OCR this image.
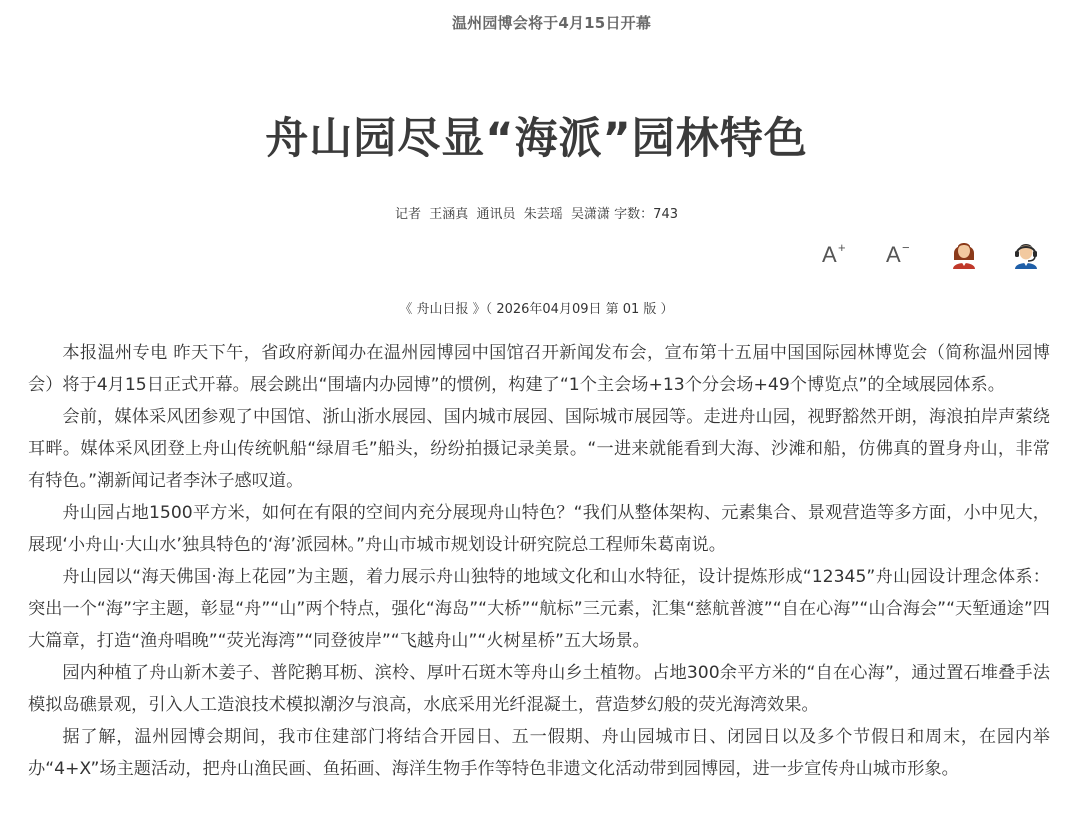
温州园博会将于4月15日开幕
舟山园尽显“海派”园林特色
记者  王涵真  通讯员  朱芸瑶  吴潇潇 字数：743
A + A −
《 舟山日报 》（ 2026年04月09日 第 01 版 ）

本报温州专电 昨天下午，省政府新闻办在温州园博园中国馆召开新闻发布会，宣布第十五届中国国际园林博览会（简称温州园博会）将于4月15日正式开幕。展会跳出“围墙内办园博”的惯例，构建了“1个主会场+13个分会场+49个博览点”的全域展园体系。

会前，媒体采风团参观了中国馆、浙山浙水展园、国内城市展园、国际城市展园等。走进舟山园，视野豁然开朗，海浪拍岸声萦绕耳畔。媒体采风团登上舟山传统帆船“绿眉毛”船头，纷纷拍摄记录美景。“一进来就能看到大海、沙滩和船，仿佛真的置身舟山，非常有特色。”潮新闻记者李沐子感叹道。

舟山园占地1500平方米，如何在有限的空间内充分展现舟山特色？“我们从整体架构、元素集合、景观营造等多方面，小中见大，展现‘小舟山·大山水’独具特色的‘海’派园林。”舟山市城市规划设计研究院总工程师朱葛南说。

舟山园以“海天佛国·海上花园”为主题，着力展示舟山独特的地域文化和山水特征，设计提炼形成“12345”舟山园设计理念体系：突出一个“海”字主题，彰显“舟”“山”两个特点，强化“海岛”“大桥”“航标”三元素，汇集“慈航普渡”“自在心海”“山合海会”“天堑通途”四大篇章，打造“渔舟唱晚”“荧光海湾”“同登彼岸”“飞越舟山”“火树星桥”五大场景。

园内种植了舟山新木姜子、普陀鹅耳枥、滨柃、厚叶石斑木等舟山乡土植物。占地300余平方米的“自在心海”，通过置石堆叠手法模拟岛礁景观，引入人工造浪技术模拟潮汐与浪高，水底采用光纤混凝土，营造梦幻般的荧光海湾效果。

据了解，温州园博会期间，我市住建部门将结合开园日、五一假期、舟山园城市日、闭园日以及多个节假日和周末，在园内举办“4+X”场主题活动，把舟山渔民画、鱼拓画、海洋生物手作等特色非遗文化活动带到园博园，进一步宣传舟山城市形象。
